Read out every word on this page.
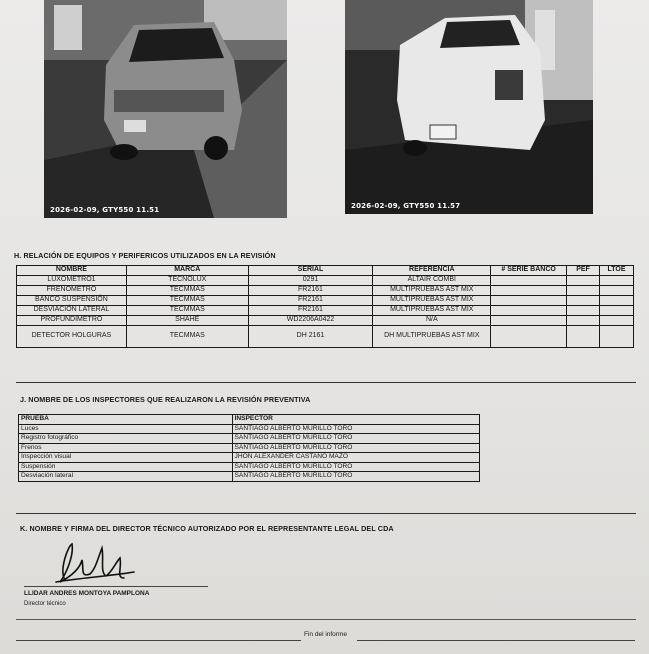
2026-02-09, GTY550 11.51	2026-02-09, GTY550 11.57
H. RELACIÓN DE EQUIPOS Y PERIFERICOS UTILIZADOS EN LA REVISIÓN
NOMBRE	MARCA	SERIAL	REFERENCIA	# SERIE BANCO	PEF	LTOE
LUXOMETRO1	TECNOLUX	0291	ALTAIR COMBI			
FRENOMETRO	TECMMAS	FR2161	MULTIPRUEBAS AST MIX			
BANCO SUSPENSIÓN	TECMMAS	FR2161	MULTIPRUEBAS AST MIX			
DESVIACIÓN LATERAL	TECMMAS	FR2161	MULTIPRUEBAS AST MIX			
PROFUNDIMETRO	SHAHE	WD2206A0422	N/A			
DETECTOR HOLGURAS	TECMMAS	DH 2161	DH MULTIPRUEBAS AST MIX			
J. NOMBRE DE LOS INSPECTORES QUE REALIZARON LA REVISIÓN PREVENTIVA
PRUEBA	INSPECTOR
Luces	SANTIAGO ALBERTO MURILLO TORO
Registro fotográfico	SANTIAGO ALBERTO MURILLO TORO
Frenos	SANTIAGO ALBERTO MURILLO TORO
Inspección visual	JHON ALEXANDER CASTAÑO MAZO
Suspensión	SANTIAGO ALBERTO MURILLO TORO
Desviación lateral	SANTIAGO ALBERTO MURILLO TORO
K. NOMBRE Y FIRMA DEL DIRECTOR TÉCNICO AUTORIZADO POR EL REPRESENTANTE LEGAL DEL CDA
LLIDAR ANDRES MONTOYA PAMPLONA
Director técnico
Fin del informe
